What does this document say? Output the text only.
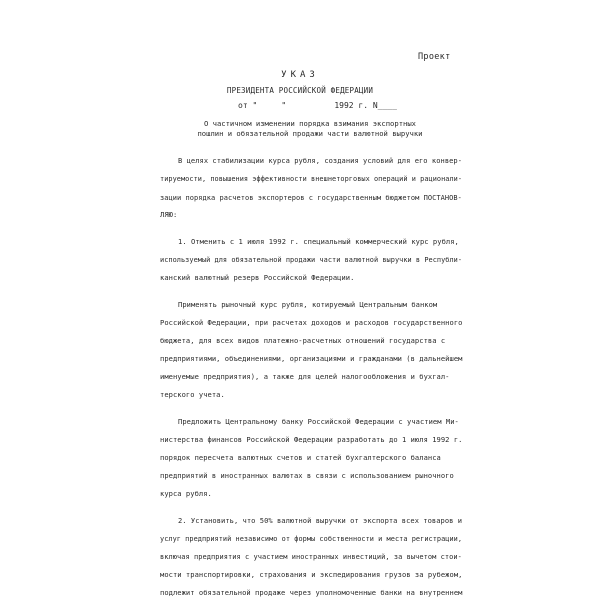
Проект
УКАЗ
ПРЕЗИДЕНТА РОССИЙСКОЙ ФЕДЕРАЦИИ
от "     "          1992 г. N____
О частичном изменении порядка взимания экспортных
пошлин и обязательной продажи части валютной выручки
В целях стабилизации курса рубля, создания условий для его конвер-
тируемости, повышения эффективности внешнеторговых операций и рационали-
зации порядка расчетов экспортеров с государственным бюджетом ПОСТАНОВ-
ЛЯЮ:
1. Отменить с 1 июля 1992 г. специальный коммерческий курс рубля,
используемый для обязательной продажи части валютной выручки в Республи-
канский валютный резерв Российской Федерации.
Применять рыночный курс рубля, котируемый Центральным банком
Российской Федерации, при расчетах доходов и расходов государственного
бюджета, для всех видов платежно-расчетных отношений государства с
предприятиями, объединениями, организациями и гражданами (в дальнейшем
именуемые предприятия), а также для целей налогообложения и бухгал-
терского учета.
Предложить Центральному банку Российской Федерации с участием Ми-
нистерства финансов Российской Федерации разработать до 1 июля 1992 г.
порядок пересчета валютных счетов и статей бухгалтерского баланса
предприятий в иностранных валютах в связи с использованием рыночного
курса рубля.
2. Установить, что 50% валютной выручки от экспорта всех товаров и
услуг предприятий независимо от формы собственности и места регистрации,
включая предприятия с участием иностранных инвестиций, за вычетом стои-
мости транспортировки, страхования и экспедирования грузов за рубежом,
подлежит обязательной продаже через уполномоченные банки на внутреннем
